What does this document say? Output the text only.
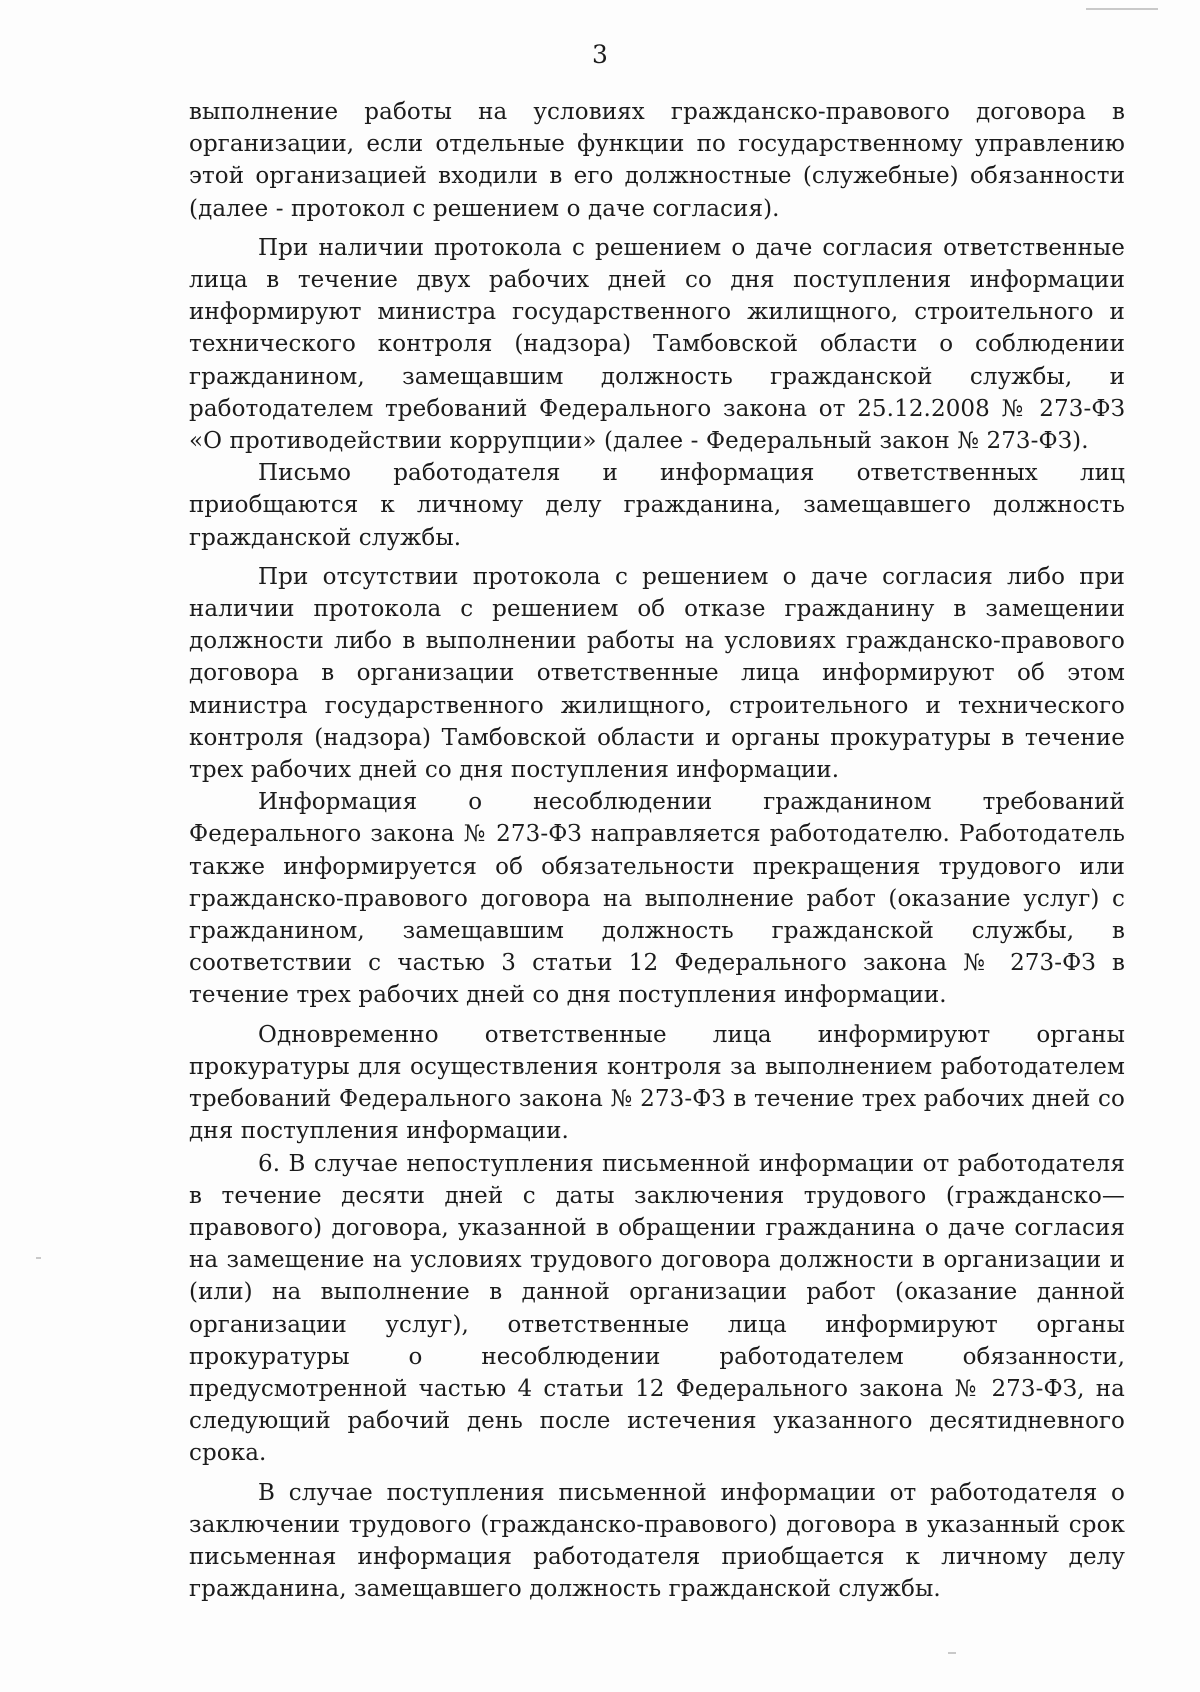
3

выполнение работы на условиях гражданско-правового договора в организации, если отдельные функции по государственному управлению этой организацией входили в его должностные (служебные) обязанности (далее - протокол с решением о даче согласия).

При наличии протокола с решением о даче согласия ответственные лица в течение двух рабочих дней со дня поступления информации информируют министра государственного жилищного, строительного и технического контроля (надзора) Тамбовской области о соблюдении гражданином, замещавшим должность гражданской службы, и работодателем требований Федерального закона от 25.12.2008 № 273-ФЗ «О противодействии коррупции» (далее - Федеральный закон № 273-ФЗ).

Письмо работодателя и информация ответственных лиц приобщаются к личному делу гражданина, замещавшего должность гражданской службы.

При отсутствии протокола с решением о даче согласия либо при наличии протокола с решением об отказе гражданину в замещении должности либо в выполнении работы на условиях гражданско-правового договора в организации ответственные лица информируют об этом министра государственного жилищного, строительного и технического контроля (надзора) Тамбовской области и органы прокуратуры в течение трех рабочих дней со дня поступления информации.

Информация о несоблюдении гражданином требований Федерального закона № 273-ФЗ направляется работодателю. Работодатель также информируется об обязательности прекращения трудового или гражданско-правового договора на выполнение работ (оказание услуг) с гражданином, замещавшим должность гражданской службы, в соответствии с частью 3 статьи 12 Федерального закона № 273-ФЗ в течение трех рабочих дней со дня поступления информации.

Одновременно ответственные лица информируют органы прокуратуры для осуществления контроля за выполнением работодателем требований Федерального закона № 273-ФЗ в течение трех рабочих дней со дня поступления информации.

6. В случае непоступления письменной информации от работодателя в течение десяти дней с даты заключения трудового (гражданско—правового) договора, указанной в обращении гражданина о даче согласия на замещение на условиях трудового договора должности в организации и (или) на выполнение в данной организации работ (оказание данной организации услуг), ответственные лица информируют органы прокуратуры о несоблюдении работодателем обязанности, предусмотренной частью 4 статьи 12 Федерального закона № 273-ФЗ, на следующий рабочий день после истечения указанного десятидневного срока.

В случае поступления письменной информации от работодателя о заключении трудового (гражданско-правового) договора в указанный срок письменная информация работодателя приобщается к личному делу гражданина, замещавшего должность гражданской службы.
